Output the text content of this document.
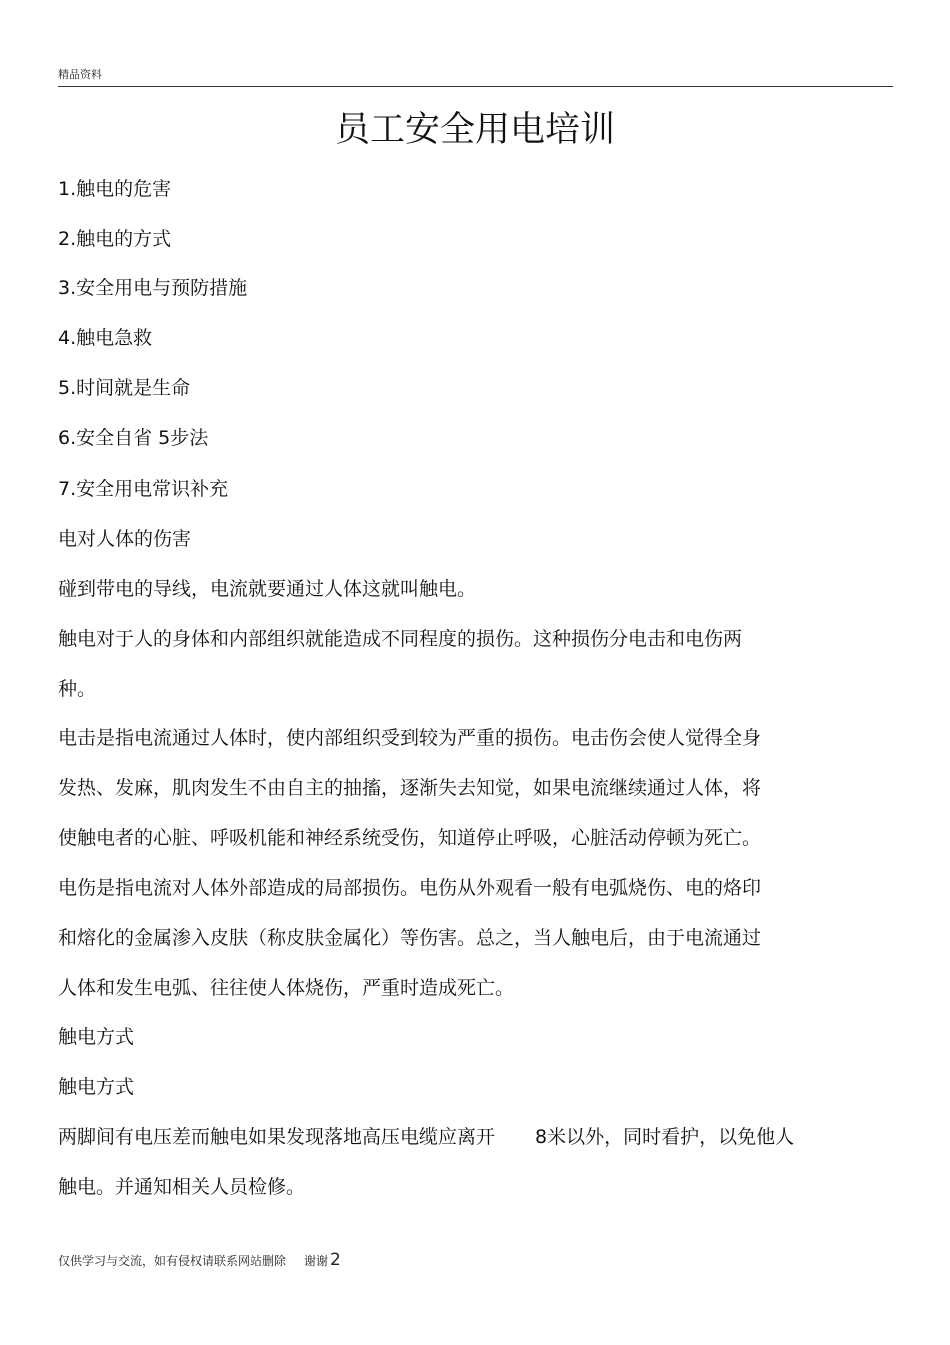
精品资料
员工安全用电培训
1.触电的危害
2.触电的方式
3.安全用电与预防措施
4.触电急救
5.时间就是生命
6.安全自省 5步法
7.安全用电常识补充
电对人体的伤害
碰到带电的导线，电流就要通过人体这就叫触电。
触电对于人的身体和内部组织就能造成不同程度的损伤。这种损伤分电击和电伤两
种。
电击是指电流通过人体时，使内部组织受到较为严重的损伤。电击伤会使人觉得全身
发热、发麻，肌肉发生不由自主的抽搐，逐渐失去知觉，如果电流继续通过人体，将
使触电者的心脏、呼吸机能和神经系统受伤，知道停止呼吸，心脏活动停顿为死亡。
电伤是指电流对人体外部造成的局部损伤。电伤从外观看一般有电弧烧伤、电的烙印
和熔化的金属渗入皮肤（称皮肤金属化）等伤害。总之，当人触电后，由于电流通过
人体和发生电弧、往往使人体烧伤，严重时造成死亡。
触电方式
触电方式
两脚间有电压差而触电如果发现落地高压电缆应离开 8米以外，同时看护，以免他人
触电。并通知相关人员检修。
仅供学习与交流，如有侵权请联系网站删除 谢谢 2
